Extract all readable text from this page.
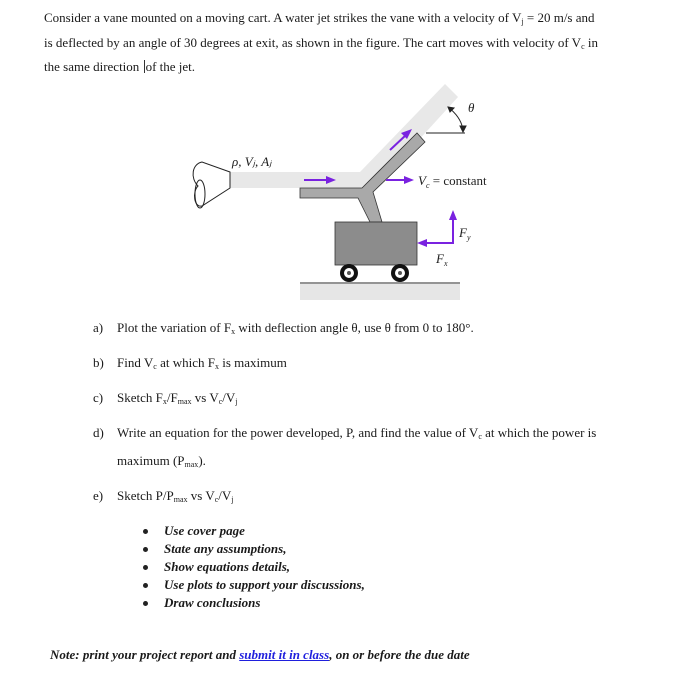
Consider a vane mounted on a moving cart. A water jet strikes the vane with a velocity of $V_j = 20$ m/s and

is deflected by an angle of 30 degrees at exit, as shown in the figure. The cart moves with velocity of $V_c$ in

the same direction of the jet.

θ
ρ, Vⱼ, Aⱼ
$V_c$ = constant
$F_y$
$F_x$
a)	Plot the variation of $F_x$ with deflection angle θ, use θ from 0 to 180°.
b)	Find $V_c$ at which $F_x$ is maximum
c)	Sketch $F_x/F_{max}$ vs $V_c/V_j$
d)	Write an equation for the power developed, P, and find the value of $V_c$ at which the power is
maximum $(P_{max})$.
e)	Sketch $P/P_{max}$ vs $V_c/V_j$
Use cover page
State any assumptions,
Show equations details,
Use plots to support your discussions,
Draw conclusions
Note: print your project report and submit it in class, on or before the due date
